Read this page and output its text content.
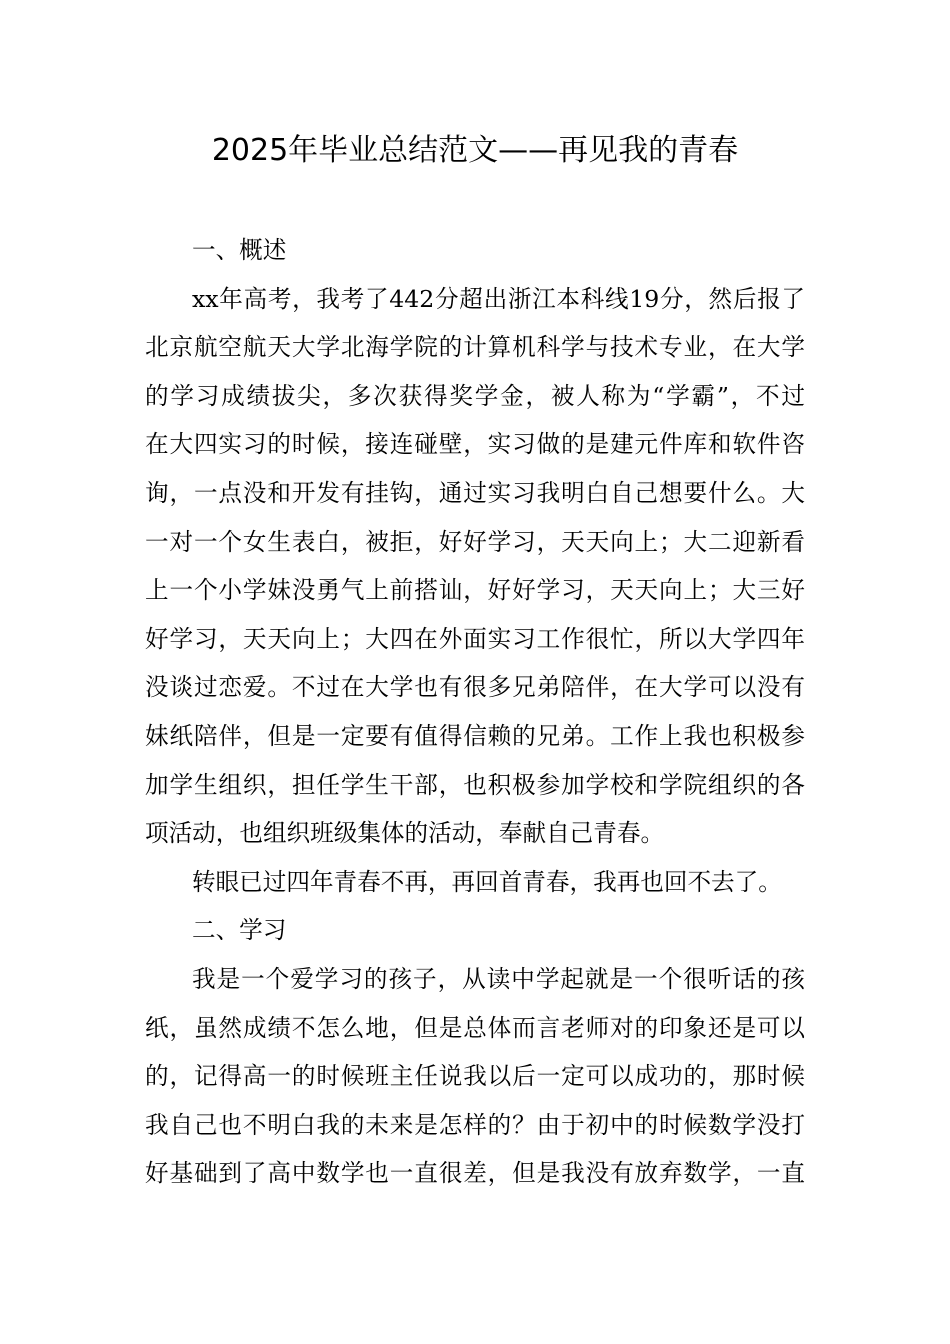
2025年毕业总结范文——再见我的青春

一、概述

xx年高考，我考了442分超出浙江本科线19分，然后报了

北京航空航天大学北海学院的计算机科学与技术专业，在大学

的学习成绩拔尖，多次获得奖学金，被人称为“学霸”，不过

在大四实习的时候，接连碰壁，实习做的是建元件库和软件咨

询，一点没和开发有挂钩，通过实习我明白自己想要什么。大

一对一个女生表白，被拒，好好学习，天天向上；大二迎新看

上一个小学妹没勇气上前搭讪，好好学习，天天向上；大三好

好学习，天天向上；大四在外面实习工作很忙，所以大学四年

没谈过恋爱。不过在大学也有很多兄弟陪伴，在大学可以没有

妹纸陪伴，但是一定要有值得信赖的兄弟。工作上我也积极参

加学生组织，担任学生干部，也积极参加学校和学院组织的各

项活动，也组织班级集体的活动，奉献自己青春。

转眼已过四年青春不再，再回首青春，我再也回不去了。

二、学习

我是一个爱学习的孩子，从读中学起就是一个很听话的孩

纸，虽然成绩不怎么地，但是总体而言老师对的印象还是可以

的，记得高一的时候班主任说我以后一定可以成功的，那时候

我自己也不明白我的未来是怎样的？由于初中的时候数学没打

好基础到了高中数学也一直很差，但是我没有放弃数学，一直
